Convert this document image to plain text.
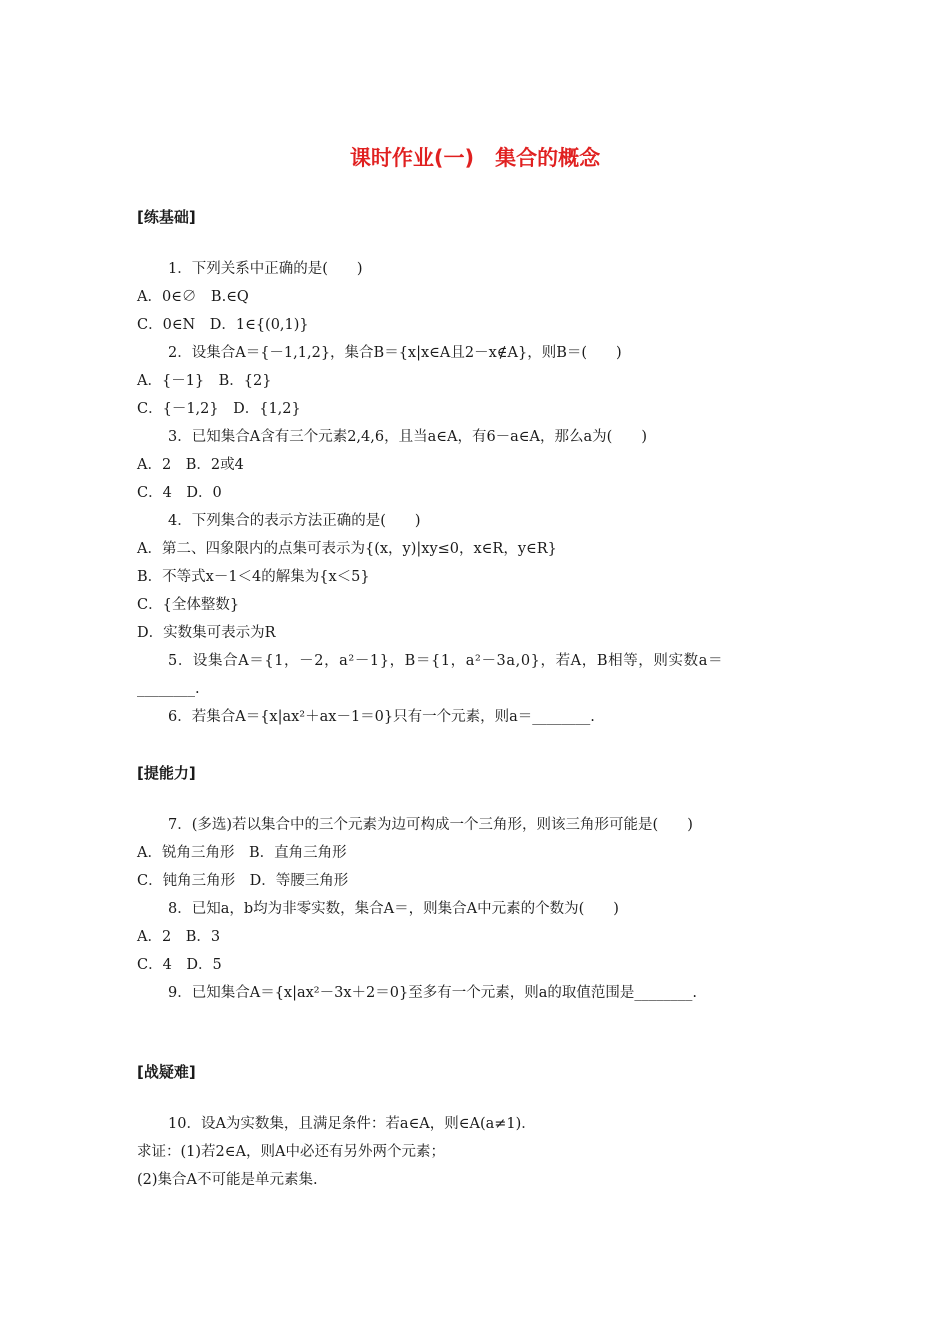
课时作业(一)　集合的概念
[练基础]
1．下列关系中正确的是(　　)
A．0∈∅　B.∈Q
C．0∈N　D．1∈{(0,1)}
2．设集合A＝{－1,1,2}，集合B＝{x|x∈A且2－x∉A}，则B＝(　　)
A．{－1}　B．{2}
C．{－1,2}　D．{1,2}
3．已知集合A含有三个元素2,4,6，且当a∈A，有6－a∈A，那么a为(　　)
A．2　B．2或4
C．4　D．0
4．下列集合的表示方法正确的是(　　)
A．第二、四象限内的点集可表示为{(x，y)|xy≤0，x∈R，y∈R}
B．不等式x－1＜4的解集为{x＜5}
C．{全体整数}
D．实数集可表示为R
5．设集合A＝{1，－2，a²－1}，B＝{1，a²－3a,0}，若A，B相等，则实数a＝
________.
6．若集合A＝{x|ax²＋ax－1＝0}只有一个元素，则a＝________.
[提能力]
7．(多选)若以集合中的三个元素为边可构成一个三角形，则该三角形可能是(　　)
A．锐角三角形　B．直角三角形
C．钝角三角形　D．等腰三角形
8．已知a，b均为非零实数，集合A＝，则集合A中元素的个数为(　　)
A．2　B．3
C．4　D．5
9．已知集合A＝{x|ax²－3x＋2＝0}至多有一个元素，则a的取值范围是________.
[战疑难]
10．设A为实数集，且满足条件：若a∈A，则∈A(a≠1)．
求证：(1)若2∈A，则A中必还有另外两个元素；
(2)集合A不可能是单元素集.
